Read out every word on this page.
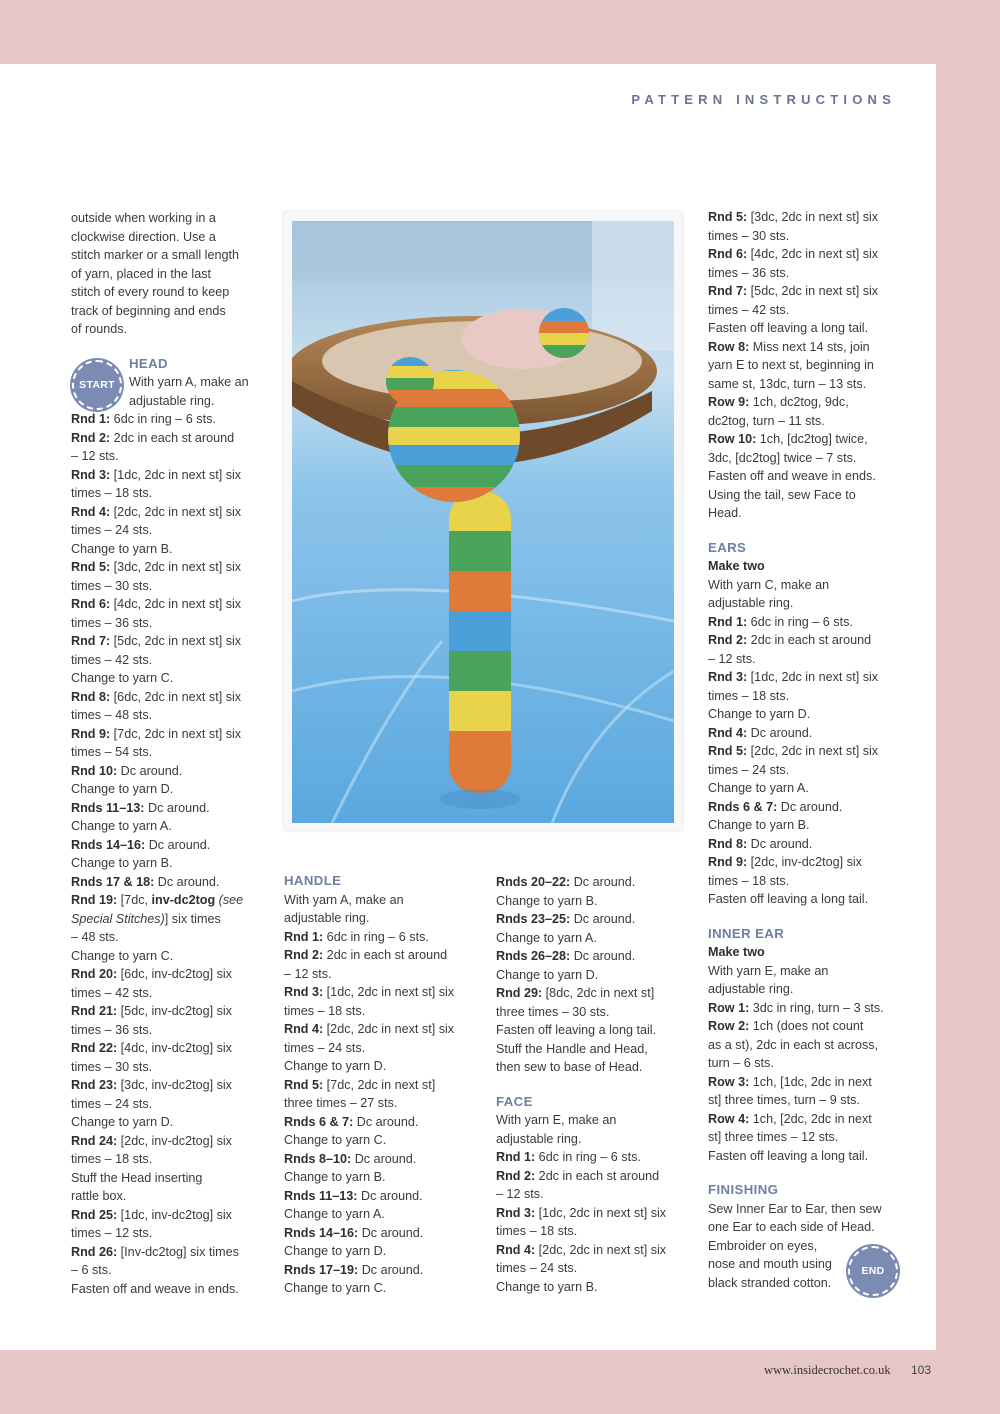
PATTERN INSTRUCTIONS

outside when working in a

clockwise direction. Use a

stitch marker or a small length

of yarn, placed in the last

stitch of every round to keep

track of beginning and ends

of rounds.

HEAD

With yarn A, make an

adjustable ring.

Rnd 1: 6dc in ring – 6 sts.

Rnd 2: 2dc in each st around

– 12 sts.

Rnd 3: [1dc, 2dc in next st] six

times – 18 sts.

Rnd 4: [2dc, 2dc in next st] six

times – 24 sts.

Change to yarn B.

Rnd 5: [3dc, 2dc in next st] six

times – 30 sts.

Rnd 6: [4dc, 2dc in next st] six

times – 36 sts.

Rnd 7: [5dc, 2dc in next st] six

times – 42 sts.

Change to yarn C.

Rnd 8: [6dc, 2dc in next st] six

times – 48 sts.

Rnd 9: [7dc, 2dc in next st] six

times – 54 sts.

Rnd 10: Dc around.

Change to yarn D.

Rnds 11–13: Dc around.

Change to yarn A.

Rnds 14–16: Dc around.

Change to yarn B.

Rnds 17 & 18: Dc around.

Rnd 19: [7dc, inv-dc2tog (see

Special Stitches)] six times

– 48 sts.

Change to yarn C.

Rnd 20: [6dc, inv-dc2tog] six

times – 42 sts.

Rnd 21: [5dc, inv-dc2tog] six

times – 36 sts.

Rnd 22: [4dc, inv-dc2tog] six

times – 30 sts.

Rnd 23: [3dc, inv-dc2tog] six

times – 24 sts.

Change to yarn D.

Rnd 24: [2dc, inv-dc2tog] six

times – 18 sts.

Stuff the Head inserting

rattle box.

Rnd 25: [1dc, inv-dc2tog] six

times – 12 sts.

Rnd 26: [Inv-dc2tog] six times

– 6 sts.

Fasten off and weave in ends.

START

HANDLE

With yarn A, make an

adjustable ring.

Rnd 1: 6dc in ring – 6 sts.

Rnd 2: 2dc in each st around

– 12 sts.

Rnd 3: [1dc, 2dc in next st] six

times – 18 sts.

Rnd 4: [2dc, 2dc in next st] six

times – 24 sts.

Change to yarn D.

Rnd 5: [7dc, 2dc in next st]

three times – 27 sts.

Rnds 6 & 7: Dc around.

Change to yarn C.

Rnds 8–10: Dc around.

Change to yarn B.

Rnds 11–13: Dc around.

Change to yarn A.

Rnds 14–16: Dc around.

Change to yarn D.

Rnds 17–19: Dc around.

Change to yarn C.

Rnds 20–22: Dc around.

Change to yarn B.

Rnds 23–25: Dc around.

Change to yarn A.

Rnds 26–28: Dc around.

Change to yarn D.

Rnd 29: [8dc, 2dc in next st]

three times – 30 sts.

Fasten off leaving a long tail.

Stuff the Handle and Head,

then sew to base of Head.

FACE

With yarn E, make an

adjustable ring.

Rnd 1: 6dc in ring – 6 sts.

Rnd 2: 2dc in each st around

– 12 sts.

Rnd 3: [1dc, 2dc in next st] six

times – 18 sts.

Rnd 4: [2dc, 2dc in next st] six

times – 24 sts.

Change to yarn B.

Rnd 5: [3dc, 2dc in next st] six

times – 30 sts.

Rnd 6: [4dc, 2dc in next st] six

times – 36 sts.

Rnd 7: [5dc, 2dc in next st] six

times – 42 sts.

Fasten off leaving a long tail.

Row 8: Miss next 14 sts, join

yarn E to next st, beginning in

same st, 13dc, turn – 13 sts.

Row 9: 1ch, dc2tog, 9dc,

dc2tog, turn – 11 sts.

Row 10: 1ch, [dc2tog] twice,

3dc, [dc2tog] twice – 7 sts.

Fasten off and weave in ends.

Using the tail, sew Face to

Head.

EARS

Make two

With yarn C, make an

adjustable ring.

Rnd 1: 6dc in ring – 6 sts.

Rnd 2: 2dc in each st around

– 12 sts.

Rnd 3: [1dc, 2dc in next st] six

times – 18 sts.

Change to yarn D.

Rnd 4: Dc around.

Rnd 5: [2dc, 2dc in next st] six

times – 24 sts.

Change to yarn A.

Rnds 6 & 7: Dc around.

Change to yarn B.

Rnd 8: Dc around.

Rnd 9: [2dc, inv-dc2tog] six

times – 18 sts.

Fasten off leaving a long tail.

INNER EAR

Make two

With yarn E, make an

adjustable ring.

Row 1: 3dc in ring, turn – 3 sts.

Row 2: 1ch (does not count

as a st), 2dc in each st across,

turn – 6 sts.

Row 3: 1ch, [1dc, 2dc in next

st] three times, turn – 9 sts.

Row 4: 1ch, [2dc, 2dc in next

st] three times – 12 sts.

Fasten off leaving a long tail.

FINISHING

Sew Inner Ear to Ear, then sew

one Ear to each side of Head.

Embroider on eyes,

nose and mouth using

black stranded cotton.

END
www.insidecrochet.co.uk 103
